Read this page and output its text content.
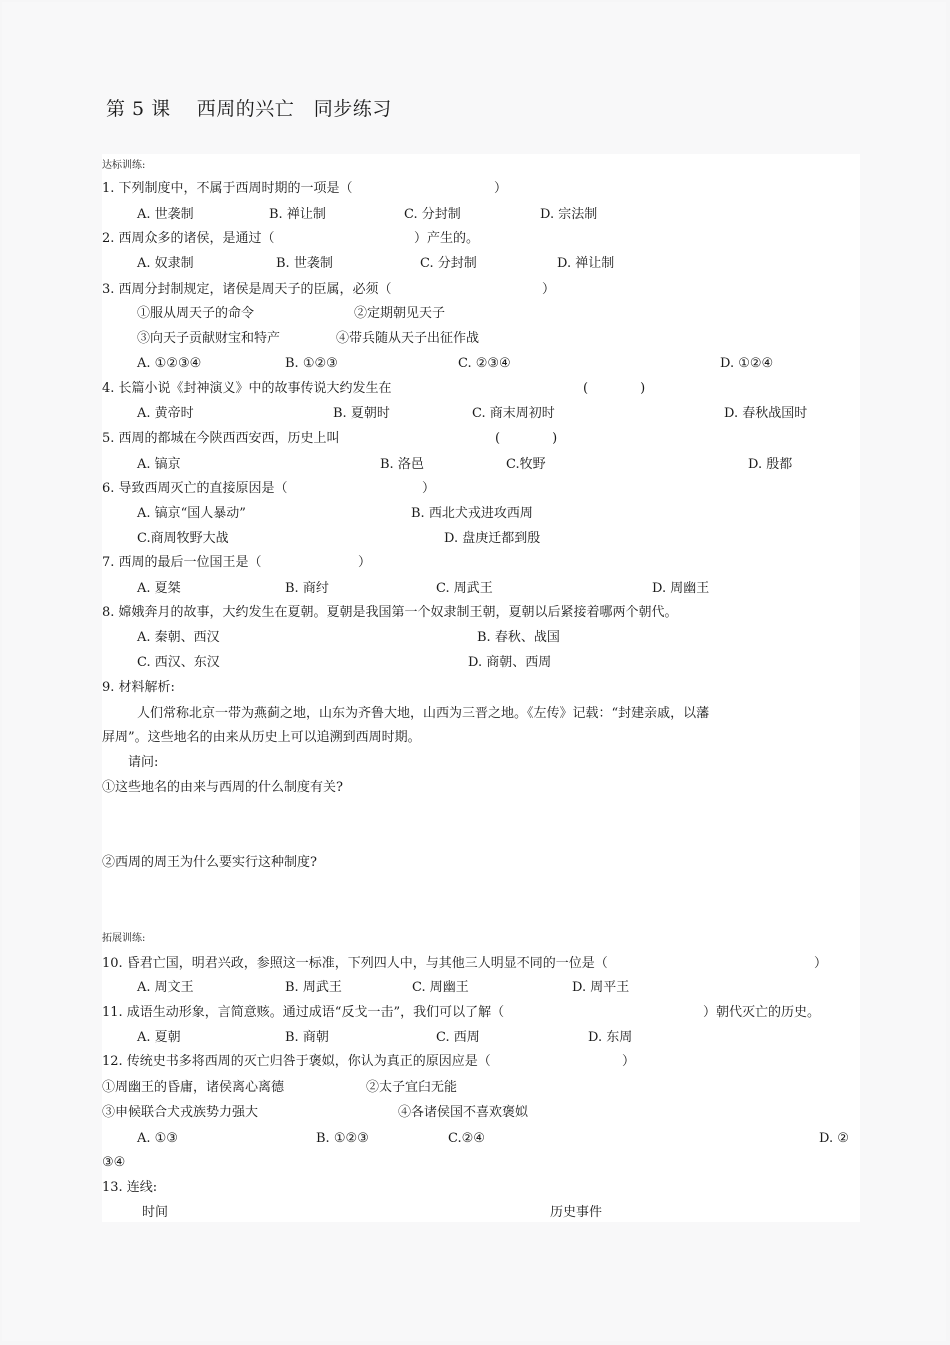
第 5 课　 西周的兴亡　同步练习
达标训练:
1. 下列制度中，不属于西周时期的一项是（	）
A. 世袭制	B. 禅让制	C. 分封制	D. 宗法制
2. 西周众多的诸侯，是通过（	）产生的。
A. 奴隶制	B. 世袭制	C. 分封制	D. 禅让制
3. 西周分封制规定，诸侯是周天子的臣属，必须（	）
①服从周天子的命令	②定期朝见天子
③向天子贡献财宝和特产	④带兵随从天子出征作战
A. ①②③④	B. ①②③	C. ②③④	D. ①②④
4. 长篇小说《封神演义》中的故事传说大约发生在	(　　　　)
A. 黄帝时	B. 夏朝时	C. 商末周初时	D. 春秋战国时
5. 西周的都城在今陕西西安西，历史上叫	(　　　　)
A. 镐京	B. 洛邑	C.牧野	D. 殷都
6. 导致西周灭亡的直接原因是（	）
A. 镐京“国人暴动”	B. 西北犬戎进攻西周
C.商周牧野大战	D. 盘庚迁都到殷
7. 西周的最后一位国王是（	）
A. 夏桀	B. 商纣	C. 周武王	D. 周幽王
8. 嫦娥奔月的故事，大约发生在夏朝。夏朝是我国第一个奴隶制王朝，夏朝以后紧接着哪两个朝代。
A. 秦朝、西汉	B. 春秋、战国
C. 西汉、东汉	D. 商朝、西周
9. 材料解析:
人们常称北京一带为燕蓟之地，山东为齐鲁大地，山西为三晋之地。《左传》记载：“封建亲戚，以藩
屏周”。这些地名的由来从历史上可以追溯到西周时期。
请问:
①这些地名的由来与西周的什么制度有关?
②西周的周王为什么要实行这种制度?
拓展训练:
10. 昏君亡国，明君兴政，参照这一标准，下列四人中，与其他三人明显不同的一位是（	）
A. 周文王	B. 周武王	C. 周幽王	D. 周平王
11. 成语生动形象，言简意赅。通过成语“反戈一击”，我们可以了解（	）朝代灭亡的历史。
A. 夏朝	B. 商朝	C. 西周	D. 东周
12. 传统史书多将西周的灭亡归咎于褒姒，你认为真正的原因应是（	）
①周幽王的昏庸，诸侯离心离德	②太子宜臼无能
③申候联合犬戎族势力强大	④各诸侯国不喜欢褒姒
A. ①③	B. ①②③	C.②④	D. ②
③④
13. 连线:
时间	历史事件
